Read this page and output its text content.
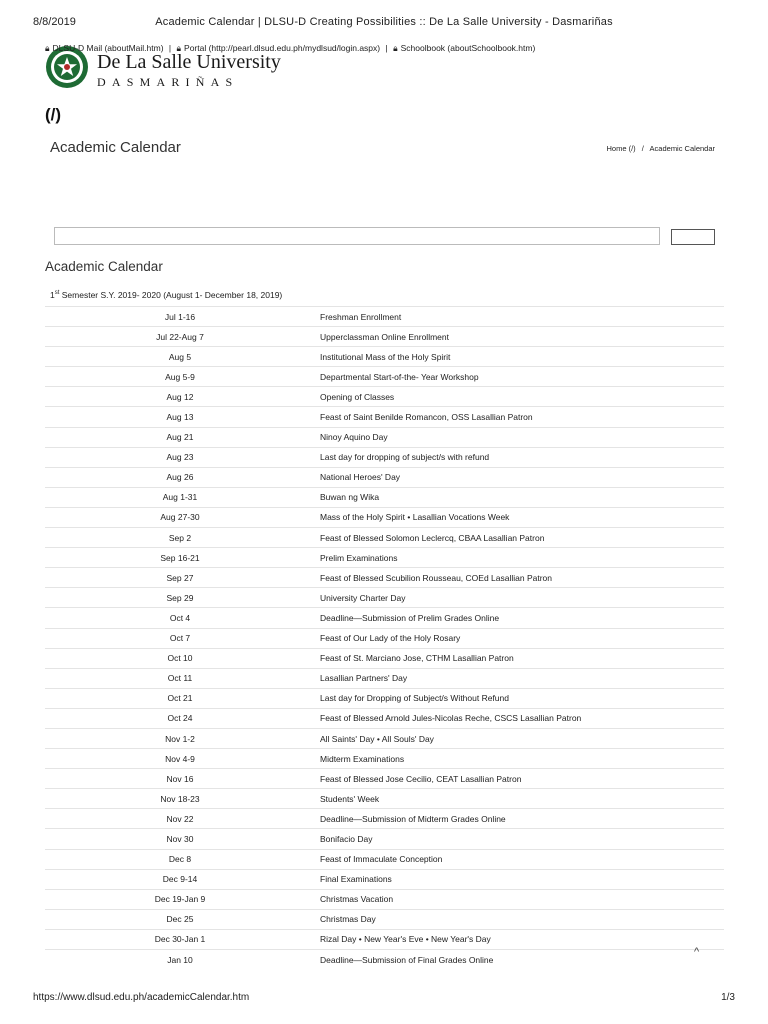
8/8/2019	Academic Calendar | DLSU-D Creating Possibilities :: De La Salle University - Dasmariñas
De La Salle University
DASMARIÑAS
🔒︎ DLSU-D Mail (aboutMail.htm) | 🔒︎ Portal (http://pearl.dlsud.edu.ph/mydlsud/login.aspx) | 🔒︎ Schoolbook (aboutSchoolbook.htm)
(/)
Academic Calendar	Home (/) / Academic Calendar
Academic Calendar
1st Semester S.Y. 2019- 2020 (August 1- December 18, 2019)
Jul 1-16	Freshman Enrollment
Jul 22-Aug 7	Upperclassman Online Enrollment
Aug 5	Institutional Mass of the Holy Spirit
Aug 5-9	Departmental Start-of-the- Year Workshop
Aug 12	Opening of Classes
Aug 13	Feast of Saint Benilde Romancon, OSS Lasallian Patron
Aug 21	Ninoy Aquino Day
Aug 23	Last day for dropping of subject/s with refund
Aug 26	National Heroes' Day
Aug 1-31	Buwan ng Wika
Aug 27-30	Mass of the Holy Spirit • Lasallian Vocations Week
Sep 2	Feast of Blessed Solomon Leclercq, CBAA Lasallian Patron
Sep 16-21	Prelim Examinations
Sep 27	Feast of Blessed Scubilion Rousseau, COEd Lasallian Patron
Sep 29	University Charter Day
Oct 4	Deadline—Submission of Prelim Grades Online
Oct 7	Feast of Our Lady of the Holy Rosary
Oct 10	Feast of St. Marciano Jose, CTHM Lasallian Patron
Oct 11	Lasallian Partners' Day
Oct 21	Last day for Dropping of Subject/s Without Refund
Oct 24	Feast of Blessed Arnold Jules-Nicolas Reche, CSCS Lasallian Patron
Nov 1-2	All Saints' Day • All Souls' Day
Nov 4-9	Midterm Examinations
Nov 16	Feast of Blessed Jose Cecilio, CEAT Lasallian Patron
Nov 18-23	Students' Week
Nov 22	Deadline—Submission of Midterm Grades Online
Nov 30	Bonifacio Day
Dec 8	Feast of Immaculate Conception
Dec 9-14	Final Examinations
Dec 19-Jan 9	Christmas Vacation
Dec 25	Christmas Day
Dec 30-Jan 1	Rizal Day • New Year's Eve • New Year's Day
Jan 10	Deadline—Submission of Final Grades Online
^
https://www.dlsud.edu.ph/academicCalendar.htm	1/3
